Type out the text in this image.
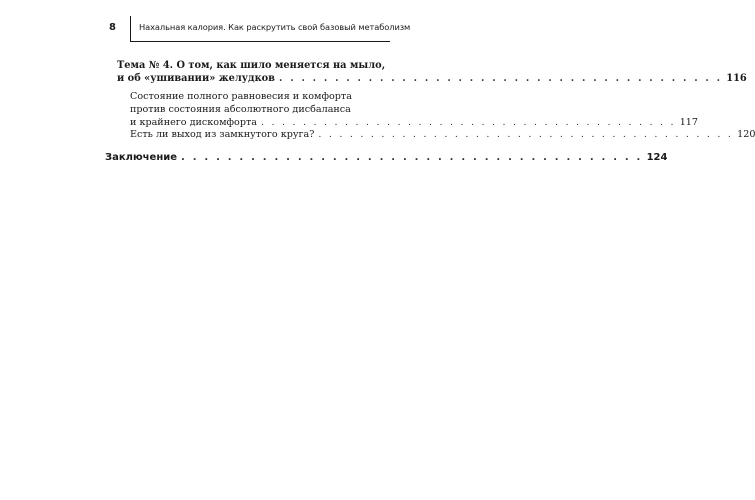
8	Нахальная калория. Как раскрутить свой базовый метаболизм
Тема № 4. О том, как шило меняется на мыло,
и об «ушивании» желудков . . . . . . . . . . . . . . . . . . . . . . . . . . . . . . . . . . . . . . . . 116
Состояние полного равновесия и комфорта
против состояния абсолютного дисбаланса
и крайнего дискомфорта . . . . . . . . . . . . . . . . . . . . . . . . . . . . . . . . . . . . . . . . 117
Есть ли выход из замкнутого круга? . . . . . . . . . . . . . . . . . . . . . . . . . . . . . . . . . . . . . . . . 120
Заключение . . . . . . . . . . . . . . . . . . . . . . . . . . . . . . . . . . . . . . . . 124
